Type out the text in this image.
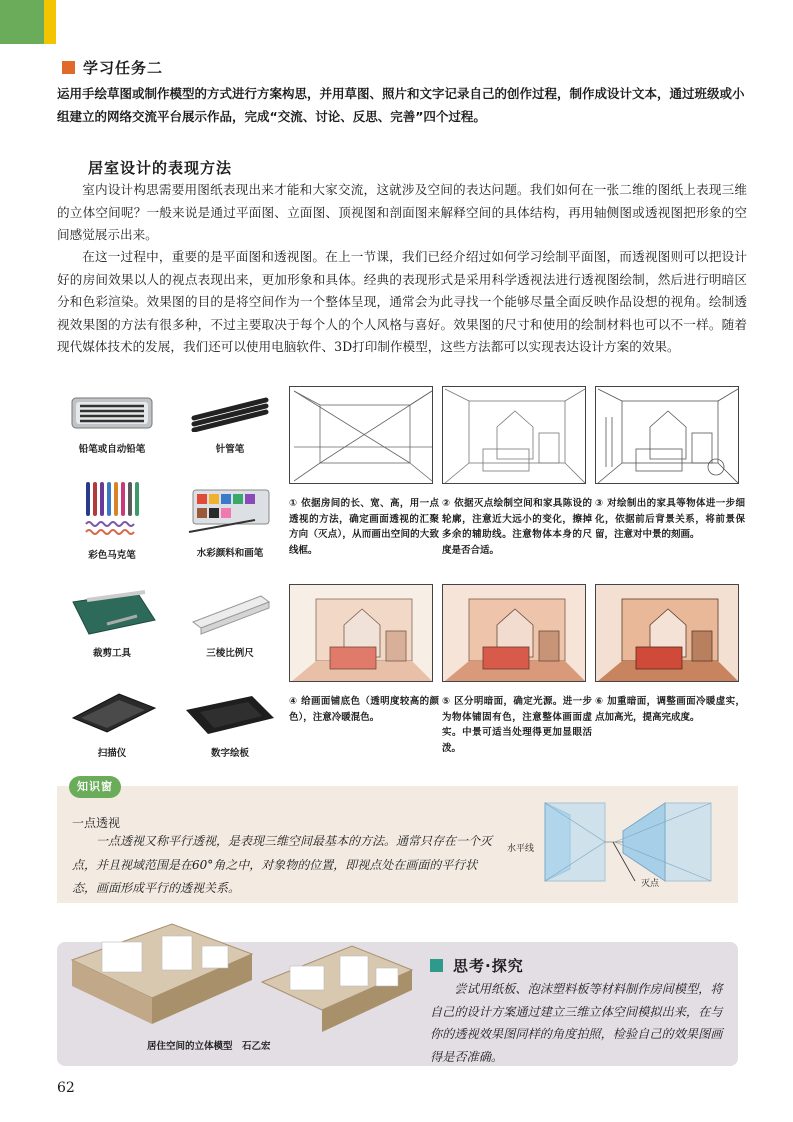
学习任务二
运用手绘草图或制作模型的方式进行方案构思，并用草图、照片和文字记录自己的创作过程，制作成设计文本，通过班级或小组建立的网络交流平台展示作品，完成“交流、讨论、反思、完善”四个过程。
居室设计的表现方法

室内设计构思需要用图纸表现出来才能和大家交流，这就涉及空间的表达问题。我们如何在一张二维的图纸上表现三维的立体空间呢？一般来说是通过平面图、立面图、顶视图和剖面图来解释空间的具体结构，再用轴侧图或透视图把形象的空间感觉展示出来。

在这一过程中，重要的是平面图和透视图。在上一节课，我们已经介绍过如何学习绘制平面图，而透视图则可以把设计好的房间效果以人的视点表现出来，更加形象和具体。经典的表现形式是采用科学透视法进行透视图绘制，然后进行明暗区分和色彩渲染。效果图的目的是将空间作为一个整体呈现，通常会为此寻找一个能够尽量全面反映作品设想的视角。绘制透视效果图的方法有很多种，不过主要取决于每个人的个人风格与喜好。效果图的尺寸和使用的绘制材料也可以不一样。随着现代媒体技术的发展，我们还可以使用电脑软件、3D打印制作模型，这些方法都可以实现表达设计方案的效果。

铅笔或自动铅笔	针管笔
彩色马克笔	水彩颜料和画笔
裁剪工具	三棱比例尺
扫描仪	数字绘板
① 依据房间的长、宽、高，用一点透视的方法，确定画面透视的汇聚方向（灭点），从而画出空间的大致线框。
② 依据灭点绘制空间和家具陈设的轮廓，注意近大远小的变化，擦掉多余的辅助线。注意物体本身的尺度是否合适。
③ 对绘制出的家具等物体进一步细化，依据前后背景关系，将前景保留，注意对中景的刻画。
④ 给画面铺底色（透明度较高的颜色），注意冷暖混色。
⑤ 区分明暗面，确定光源。进一步为物体铺固有色，注意整体画面虚实。中景可适当处理得更加显眼活泼。
⑥ 加重暗面，调整画面冷暖虚实，点加高光，提高完成度。
知识窗
一点透视
一点透视又称平行透视，是表现三维空间最基本的方法。通常只存在一个灭点，并且视域范围是在60°角之中，对象物的位置，即视点处在画面的平行状态，画面形成平行的透视关系。
水平线
灭点
居住空间的立体模型　石乙宏
思考·探究
尝试用纸板、泡沫塑料板等材料制作房间模型，将自己的设计方案通过建立三维立体空间模拟出来，在与你的透视效果图同样的角度拍照，检验自己的效果图画得是否准确。
62
